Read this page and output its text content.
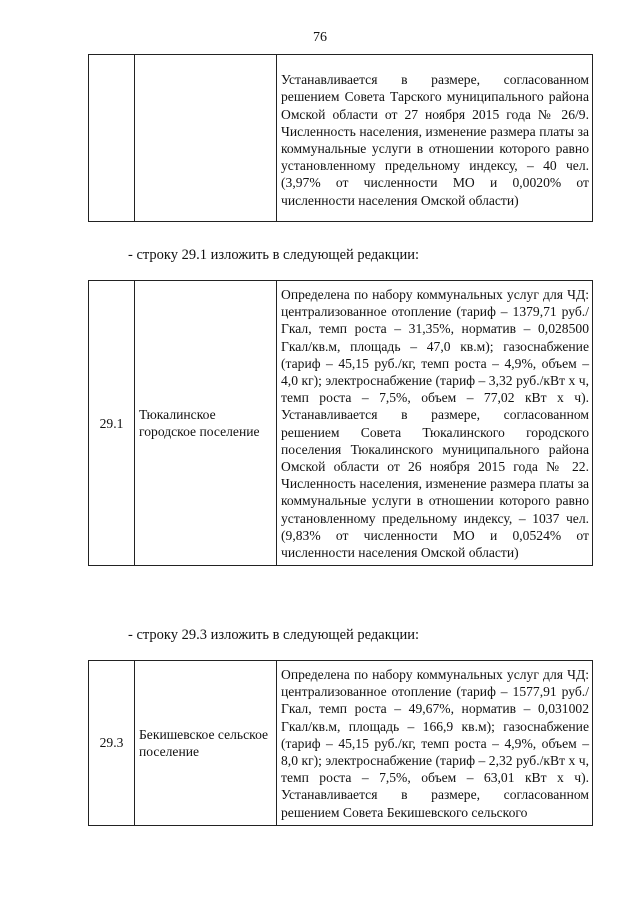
76
		Устанавливается в размере, согласованном решением Совета Тарского муниципального района Омской области от 27 ноября 2015 года № 26/9. Численность населения, изменение размера платы за коммунальные услуги в отношении которого равно установленному предельному индексу, – 40 чел. (3,97% от численности МО и 0,0020% от численности населения Омской области)
- строку 29.1 изложить в следующей редакции:
29.1	Тюкалинское городское поселение	Определена по набору коммунальных услуг для ЧД: централизованное отопление (тариф – 1379,71 руб./Гкал, темп роста – 31,35%, норматив – 0,028500 Гкал/кв.м, площадь – 47,0 кв.м); газоснабжение (тариф – 45,15 руб./кг, темп роста – 4,9%, объем – 4,0 кг); электроснабжение (тариф – 3,32 руб./кВт х ч, темп роста – 7,5%, объем – 77,02 кВт х ч). Устанавливается в размере, согласованном решением Совета Тюкалинского городского поселения Тюкалинского муниципального района Омской области от 26 ноября 2015 года № 22. Численность населения, изменение размера платы за коммунальные услуги в отношении которого равно установленному предельному индексу, – 1037 чел. (9,83% от численности МО и 0,0524% от численности населения Омской области)
- строку 29.3 изложить в следующей редакции:
29.3	Бекишевское сельское поселение	Определена по набору коммунальных услуг для ЧД: централизованное отопление (тариф – 1577,91 руб./Гкал, темп роста – 49,67%, норматив – 0,031002 Гкал/кв.м, площадь – 166,9 кв.м); газоснабжение (тариф – 45,15 руб./кг, темп роста – 4,9%, объем – 8,0 кг); электроснабжение (тариф – 2,32 руб./кВт х ч, темп роста – 7,5%, объем – 63,01 кВт х ч). Устанавливается в размере, согласованном решением Совета Бекишевского сельского
